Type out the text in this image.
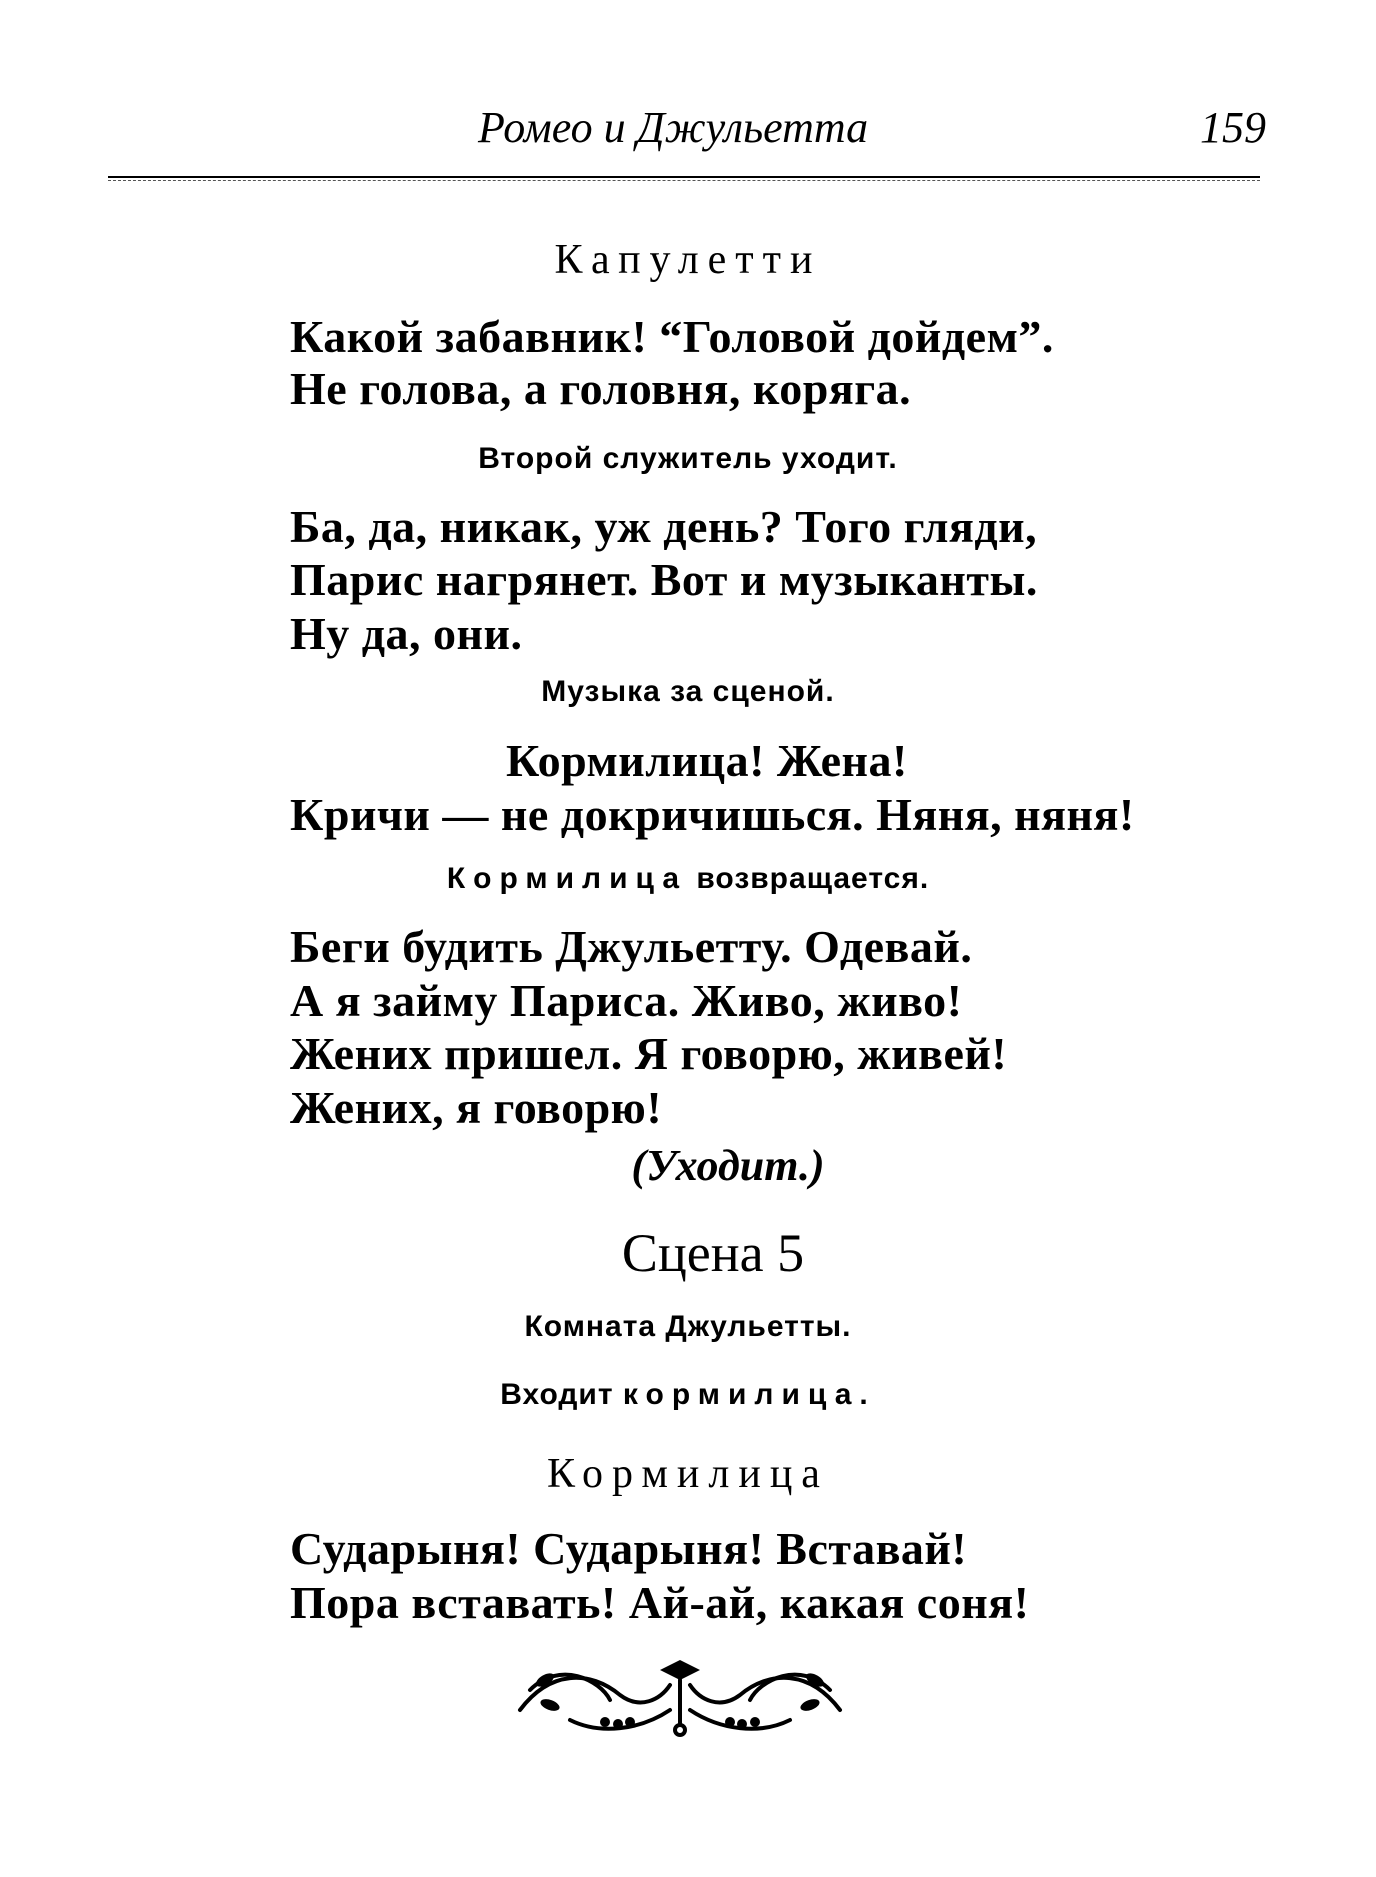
Ромео и Джульетта	159
Капулетти
Какой забавник! “Головой дойдем”.
Не голова, а головня, коряга.
Второй служитель уходит.
Ба, да, никак, уж день? Того гляди,
Парис нагрянет. Вот и музыканты.
Ну да, они.
Музыка за сценой.
Кормилица! Жена!
Кричи — не докричишься. Няня, няня!
Кормилица возвращается.
Беги будить Джульетту. Одевай.
А я займу Париса. Живо, живо!
Жених пришел. Я говорю, живей!
Жених, я говорю!
(Уходит.)
Сцена 5
Комната Джульетты.
Входит кормилица.
Кормилица
Сударыня! Сударыня! Вставай!
Пора вставать! Ай-ай, какая соня!
